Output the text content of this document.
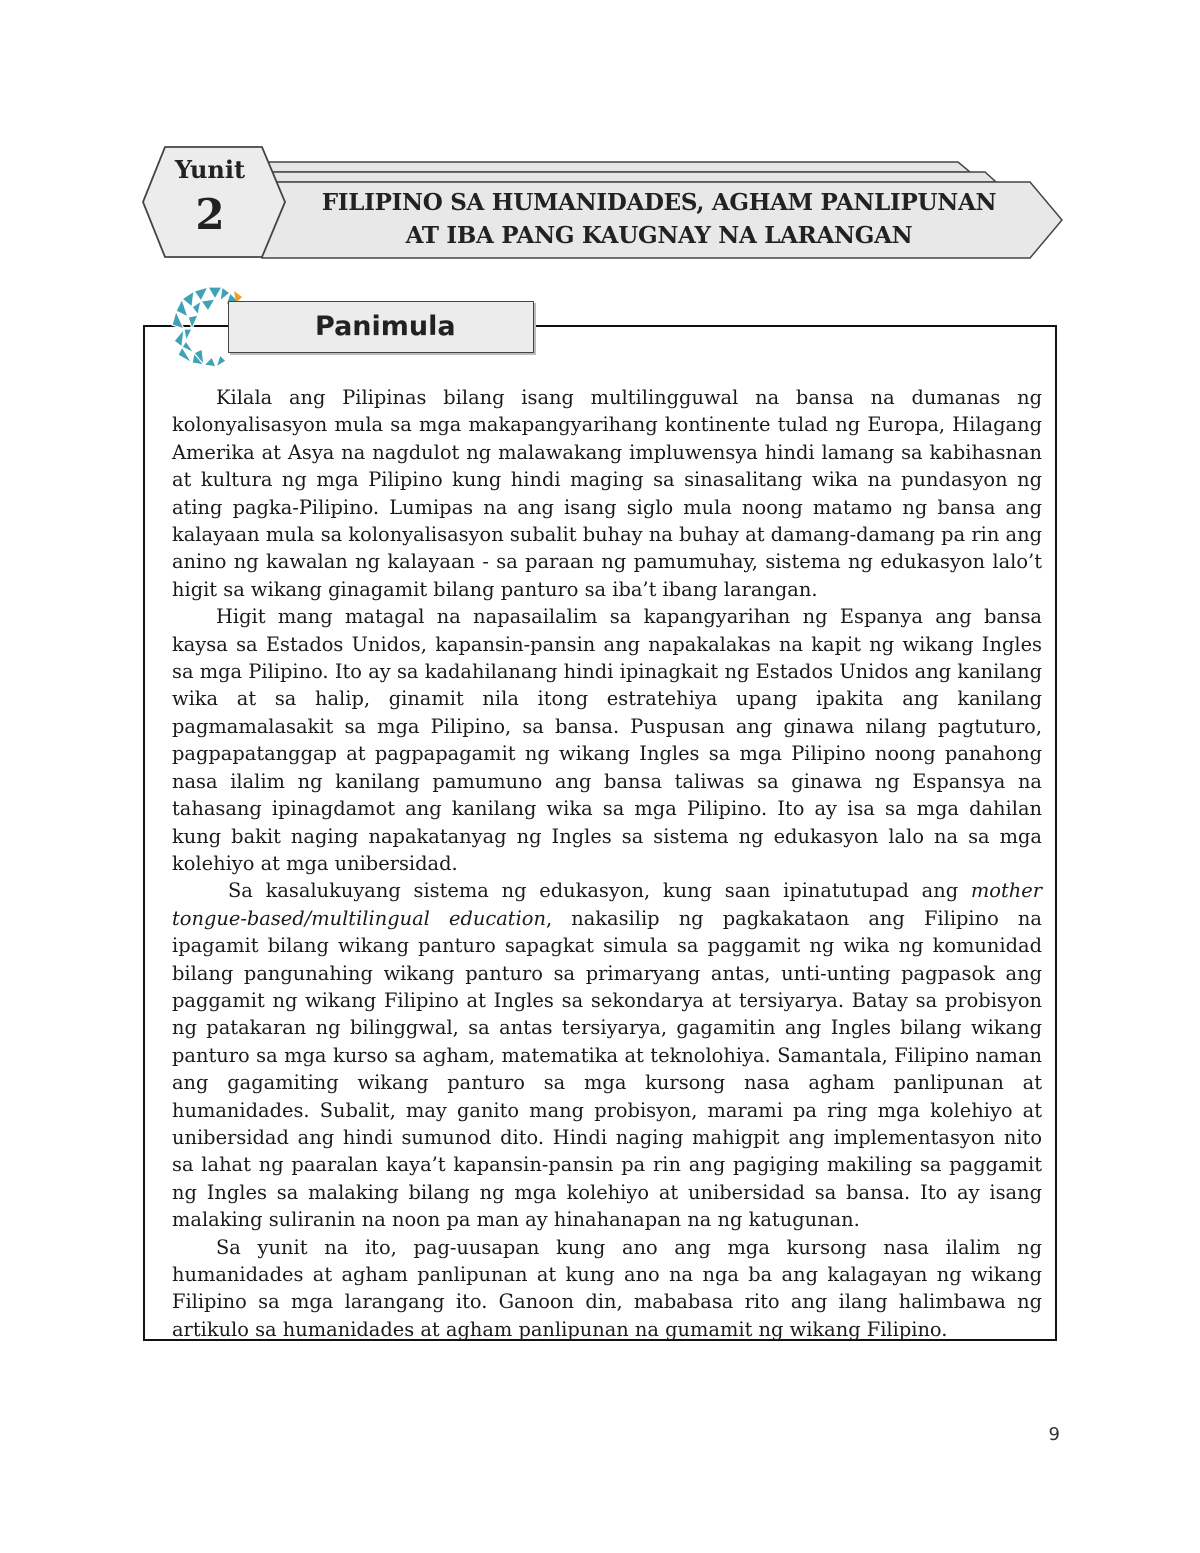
Yunit
2	FILIPINO SA HUMANIDADES, AGHAM PANLIPUNAN
AT IBA PANG KAUGNAY NA LARANGAN
Panimula

Kilala ang Pilipinas bilang isang multilingguwal na bansa na dumanas ng kolonyalisasyon mula sa mga makapangyarihang kontinente tulad ng Europa, Hilagang Amerika at Asya na nagdulot ng malawakang impluwensya hindi lamang sa kabihasnan at kultura ng mga Pilipino kung hindi maging sa sinasalitang wika na pundasyon ng ating pagka-Pilipino. Lumipas na ang isang siglo mula noong matamo ng bansa ang kalayaan mula sa kolonyalisasyon subalit buhay na buhay at damang-damang pa rin ang anino ng kawalan ng kalayaan - sa paraan ng pamumuhay, sistema ng edukasyon lalo’t higit sa wikang ginagamit bilang panturo sa iba’t ibang larangan.

Higit mang matagal na napasailalim sa kapangyarihan ng Espanya ang bansa kaysa sa Estados Unidos, kapansin-pansin ang napakalakas na kapit ng wikang Ingles sa mga Pilipino. Ito ay sa kadahilanang hindi ipinagkait ng Estados Unidos ang kanilang wika at sa halip, ginamit nila itong estratehiya upang ipakita ang kanilang pagmamalasakit sa mga Pilipino, sa bansa. Puspusan ang ginawa nilang pagtuturo, pagpapatanggap at pagpapagamit ng wikang Ingles sa mga Pilipino noong panahong nasa ilalim ng kanilang pamumuno ang bansa taliwas sa ginawa ng Espansya na tahasang ipinagdamot ang kanilang wika sa mga Pilipino. Ito ay isa sa mga dahilan kung bakit naging napakatanyag ng Ingles sa sistema ng edukasyon lalo na sa mga kolehiyo at mga unibersidad.

Sa kasalukuyang sistema ng edukasyon, kung saan ipinatutupad ang mother tongue-based/multilingual education, nakasilip ng pagkakataon ang Filipino na ipagamit bilang wikang panturo sapagkat simula sa paggamit ng wika ng komunidad bilang pangunahing wikang panturo sa primaryang antas, unti-unting pagpasok ang paggamit ng wikang Filipino at Ingles sa sekondarya at tersiyarya. Batay sa probisyon ng patakaran ng bilinggwal, sa antas tersiyarya, gagamitin ang Ingles bilang wikang panturo sa mga kurso sa agham, matematika at teknolohiya. Samantala, Filipino naman ang gagamiting wikang panturo sa mga kursong nasa agham panlipunan at humanidades. Subalit, may ganito mang probisyon, marami pa ring mga kolehiyo at unibersidad ang hindi sumunod dito. Hindi naging mahigpit ang implementasyon nito sa lahat ng paaralan kaya’t kapansin-pansin pa rin ang pagiging makiling sa paggamit ng Ingles sa malaking bilang ng mga kolehiyo at unibersidad sa bansa. Ito ay isang malaking suliranin na noon pa man ay hinahanapan na ng katugunan.

Sa yunit na ito, pag-uusapan kung ano ang mga kursong nasa ilalim ng humanidades at agham panlipunan at kung ano na nga ba ang kalagayan ng wikang Filipino sa mga larangang ito. Ganoon din, mababasa rito ang ilang halimbawa ng artikulo sa humanidades at agham panlipunan na gumamit ng wikang Filipino.

9
